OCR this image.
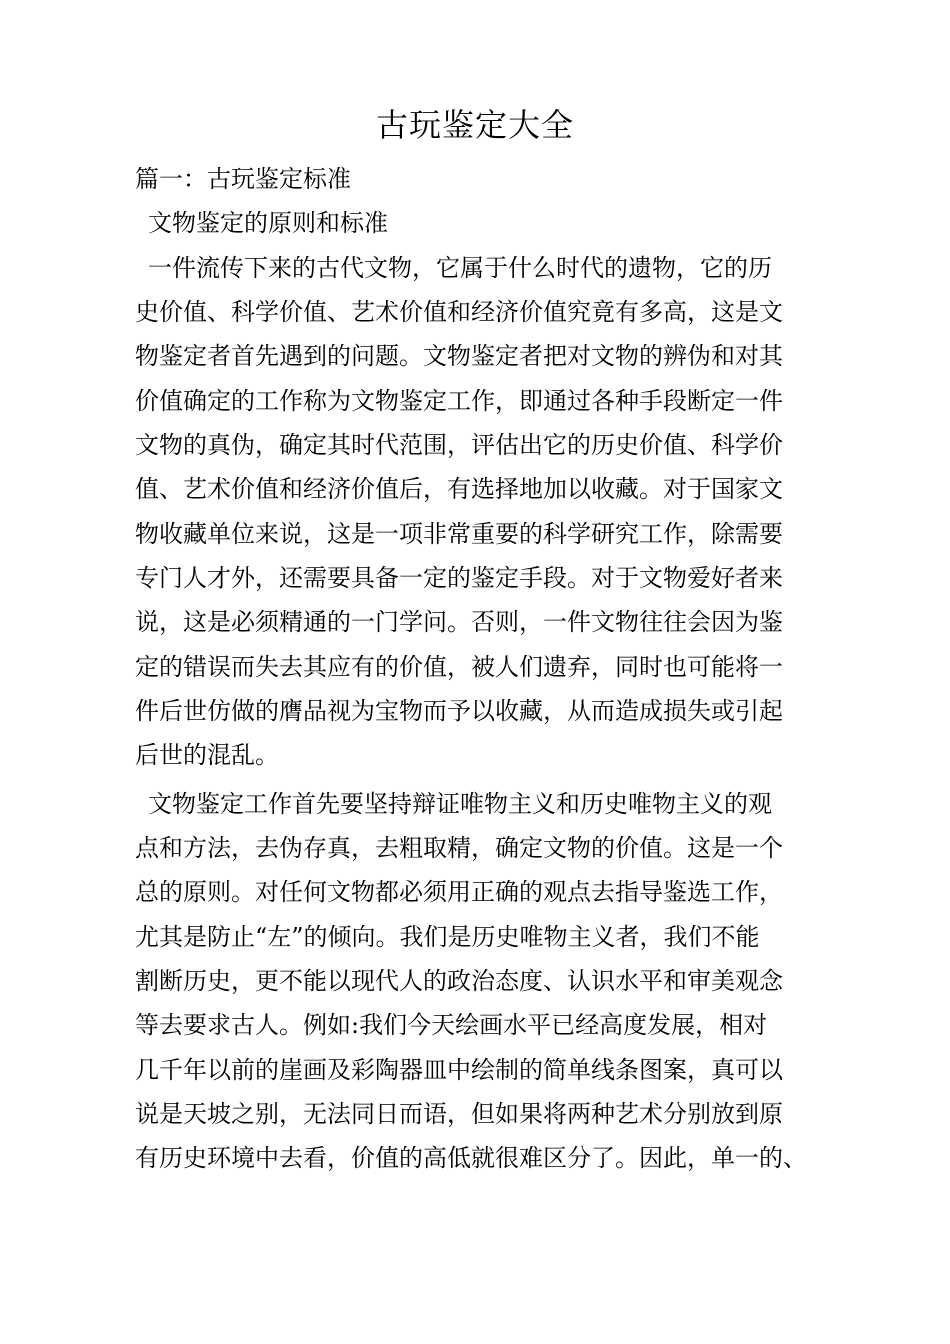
古玩鉴定大全

篇一：古玩鉴定标准

文物鉴定的原则和标准

一件流传下来的古代文物，它属于什么时代的遗物，它的历

史价值、科学价值、艺术价值和经济价值究竟有多高，这是文

物鉴定者首先遇到的问题。文物鉴定者把对文物的辨伪和对其

价值确定的工作称为文物鉴定工作，即通过各种手段断定一件

文物的真伪，确定其时代范围，评估出它的历史价值、科学价

值、艺术价值和经济价值后，有选择地加以收藏。对于国家文

物收藏单位来说，这是一项非常重要的科学研究工作，除需要

专门人才外，还需要具备一定的鉴定手段。对于文物爱好者来

说，这是必须精通的一门学问。否则，一件文物往往会因为鉴

定的错误而失去其应有的价值，被人们遗弃，同时也可能将一

件后世仿做的膺品视为宝物而予以收藏，从而造成损失或引起

后世的混乱。

文物鉴定工作首先要坚持辩证唯物主义和历史唯物主义的观

点和方法，去伪存真，去粗取精，确定文物的价值。这是一个

总的原则。对任何文物都必须用正确的观点去指导鉴选工作，

尤其是防止“左”的倾向。我们是历史唯物主义者，我们不能

割断历史，更不能以现代人的政治态度、认识水平和审美观念

等去要求古人。例如:我们今天绘画水平已经高度发展，相对

几千年以前的崖画及彩陶器皿中绘制的简单线条图案，真可以

说是天坡之别，无法同日而语，但如果将两种艺术分别放到原

有历史环境中去看，价值的高低就很难区分了。因此，单一的、
